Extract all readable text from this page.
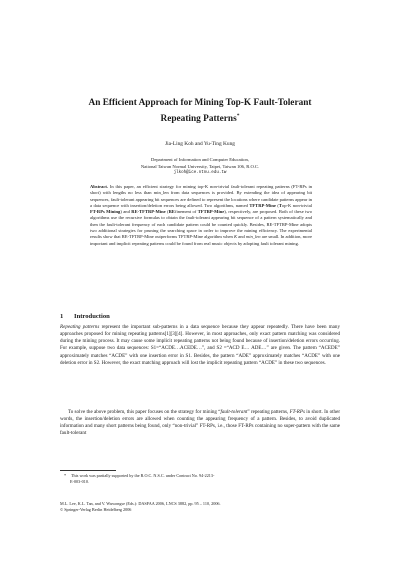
An Efficient Approach for Mining Top-K Fault-Tolerant
Repeating Patterns*
Jia-Ling Koh and Yu-Ting Kung
Department of Information and Computer Education,
National Taiwan Normal University, Taipei, Taiwan 106, R.O.C.
jlkoh@ice.ntnu.edu.tw
Abstract. In this paper, an efficient strategy for mining top-K non-trivial fault-tolerant repeating patterns (FT-RPs in short) with lengths no less than min_len from data sequences is provided. By extending the idea of appearing bit sequences, fault-tolerant appearing bit sequences are defined to represent the locations where candidate patterns appear in a data sequence with insertion/deletion errors being allowed. Two algorithms, named TFTRP-Mine (Top-K non-trivial FT-RPs Mining) and RE-TFTRP-Mine (REfinement of TFTRP-Mine), respectively, are proposed. Both of these two algorithms use the recursive formulas to obtain the fault-tolerant appearing bit sequence of a pattern systematically and then the fault-tolerant frequency of each candidate pattern could be counted quickly. Besides, RE-TFTRP-Mine adopts two additional strategies for pruning the searching space in order to improve the mining efficiency. The experimental results show that RE-TFTRP-Mine outperforms TFTRP-Mine algorithm when K and min_len are small. In addition, more important and implicit repeating patterns could be found from real music objects by adopting fault tolerant mining.
1 Introduction
Repeating patterns represent the important sub-patterns in a data sequence because they appear repeatedly. There have been many approaches proposed for mining repeating patterns[1][3][4]. However, in most approaches, only exact pattern matching was considered during the mining process. It may cause some implicit repeating patterns not being found because of insertion/deletion errors occurring. For example, suppose two data sequences: S1=“ACDE…ACEDE…”, and S2 =“ACD E… ADE…” are given. The pattern “ACEDE” approximately matches “ACDE” with one insertion error in S1. Besides, the pattern “ADE” approximately matches “ACDE” with one deletion error in S2. However, the exact matching approach will lost the implicit repeating pattern “ACDE” in these two sequences.
To solve the above problem, this paper focuses on the strategy for mining “fault-tolerant” repeating patterns, FT-RPs in short. In other words, the insertion/deletion errors are allowed when counting the appearing frequency of a pattern. Besides, to avoid duplicated information and many short patterns being found, only “non-trivial” FT-RPs, i.e., those FT-RPs containing no super-pattern with the same fault-tolerant
* This work was partially supported by the R.O.C. N.S.C. under Contract No. 94-2213-
E-003-010.
M.L. Lee, K.L. Tan, and V. Wuwongse (Eds.): DASFAA 2006, LNCS 3882, pp. 95 – 110, 2006.
© Springer-Verlag Berlin Heidelberg 2006
